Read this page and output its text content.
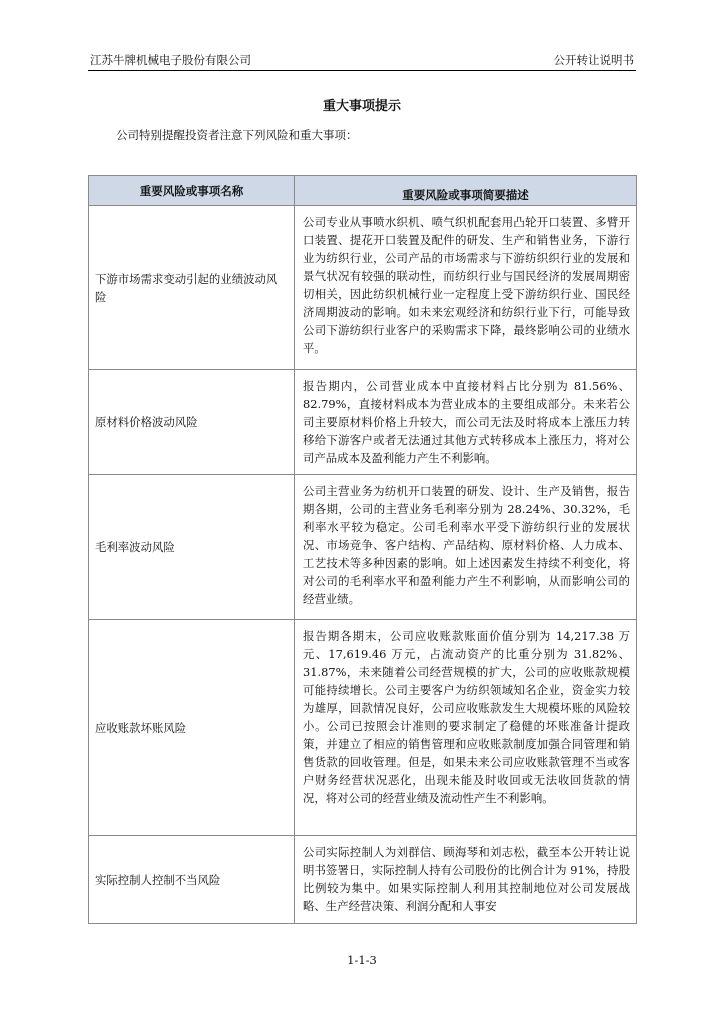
江苏牛牌机械电子股份有限公司	公开转让说明书
重大事项提示
公司特别提醒投资者注意下列风险和重大事项：
重要风险或事项名称	重要风险或事项简要描述
下游市场需求变动引起的业绩波动风险	公司专业从事喷水织机、喷气织机配套用凸轮开口装置、多臂开口装置、提花开口装置及配件的研发、生产和销售业务，下游行业为纺织行业，公司产品的市场需求与下游纺织织行业的发展和景气状况有较强的联动性，而纺织行业与国民经济的发展周期密切相关，因此纺织机械行业一定程度上受下游纺织行业、国民经济周期波动的影响。如未来宏观经济和纺织行业下行，可能导致公司下游纺织行业客户的采购需求下降，最终影响公司的业绩水平。
原材料价格波动风险	报告期内，公司营业成本中直接材料占比分别为 81.56%、82.79%，直接材料成本为营业成本的主要组成部分。未来若公司主要原材料价格上升较大，而公司无法及时将成本上涨压力转移给下游客户或者无法通过其他方式转移成本上涨压力，将对公司产品成本及盈利能力产生不利影响。
毛利率波动风险	公司主营业务为纺机开口装置的研发、设计、生产及销售，报告期各期，公司的主营业务毛利率分别为 28.24%、30.32%，毛利率水平较为稳定。公司毛利率水平受下游纺织行业的发展状况、市场竞争、客户结构、产品结构、原材料价格、人力成本、工艺技术等多种因素的影响。如上述因素发生持续不利变化，将对公司的毛利率水平和盈利能力产生不利影响，从而影响公司的经营业绩。
应收账款坏账风险	报告期各期末，公司应收账款账面价值分别为 14,217.38 万元、17,619.46 万元，占流动资产的比重分别为 31.82%、31.87%，未来随着公司经营规模的扩大，公司的应收账款规模可能持续增长。公司主要客户为纺织领域知名企业，资金实力较为雄厚，回款情况良好，公司应收账款发生大规模坏账的风险较小。公司已按照会计准则的要求制定了稳健的坏账准备计提政策，并建立了相应的销售管理和应收账款制度加强合同管理和销售货款的回收管理。但是，如果未来公司应收账款管理不当或客户财务经营状况恶化，出现未能及时收回或无法收回货款的情况，将对公司的经营业绩及流动性产生不利影响。
实际控制人控制不当风险	公司实际控制人为刘群信、顾海琴和刘志松，截至本公开转让说明书签署日，实际控制人持有公司股份的比例合计为 91%，持股比例较为集中。如果实际控制人利用其控制地位对公司发展战略、生产经营决策、利润分配和人事安
1-1-3
